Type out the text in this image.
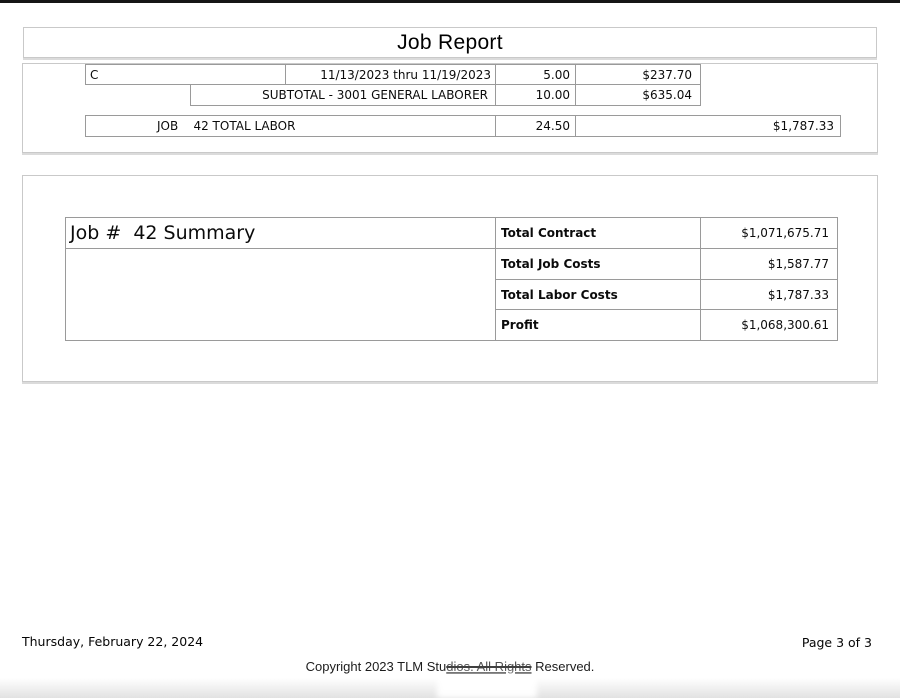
Job Report
C	11/13/2023 thru 11/19/2023	5.00	$237.70
SUBTOTAL - 3001 GENERAL LABORER	10.00	$635.04
JOB    42 TOTAL LABOR	24.50	$1,787.33
Job #  42 Summary	Total Contract	$1,071,675.71
Total Job Costs	$1,587.77
Total Labor Costs	$1,787.33
Profit	$1,068,300.61
Thursday, February 22, 2024	Page 3 of 3
Copyright 2023 TLM Studios. All Rights Reserved.
